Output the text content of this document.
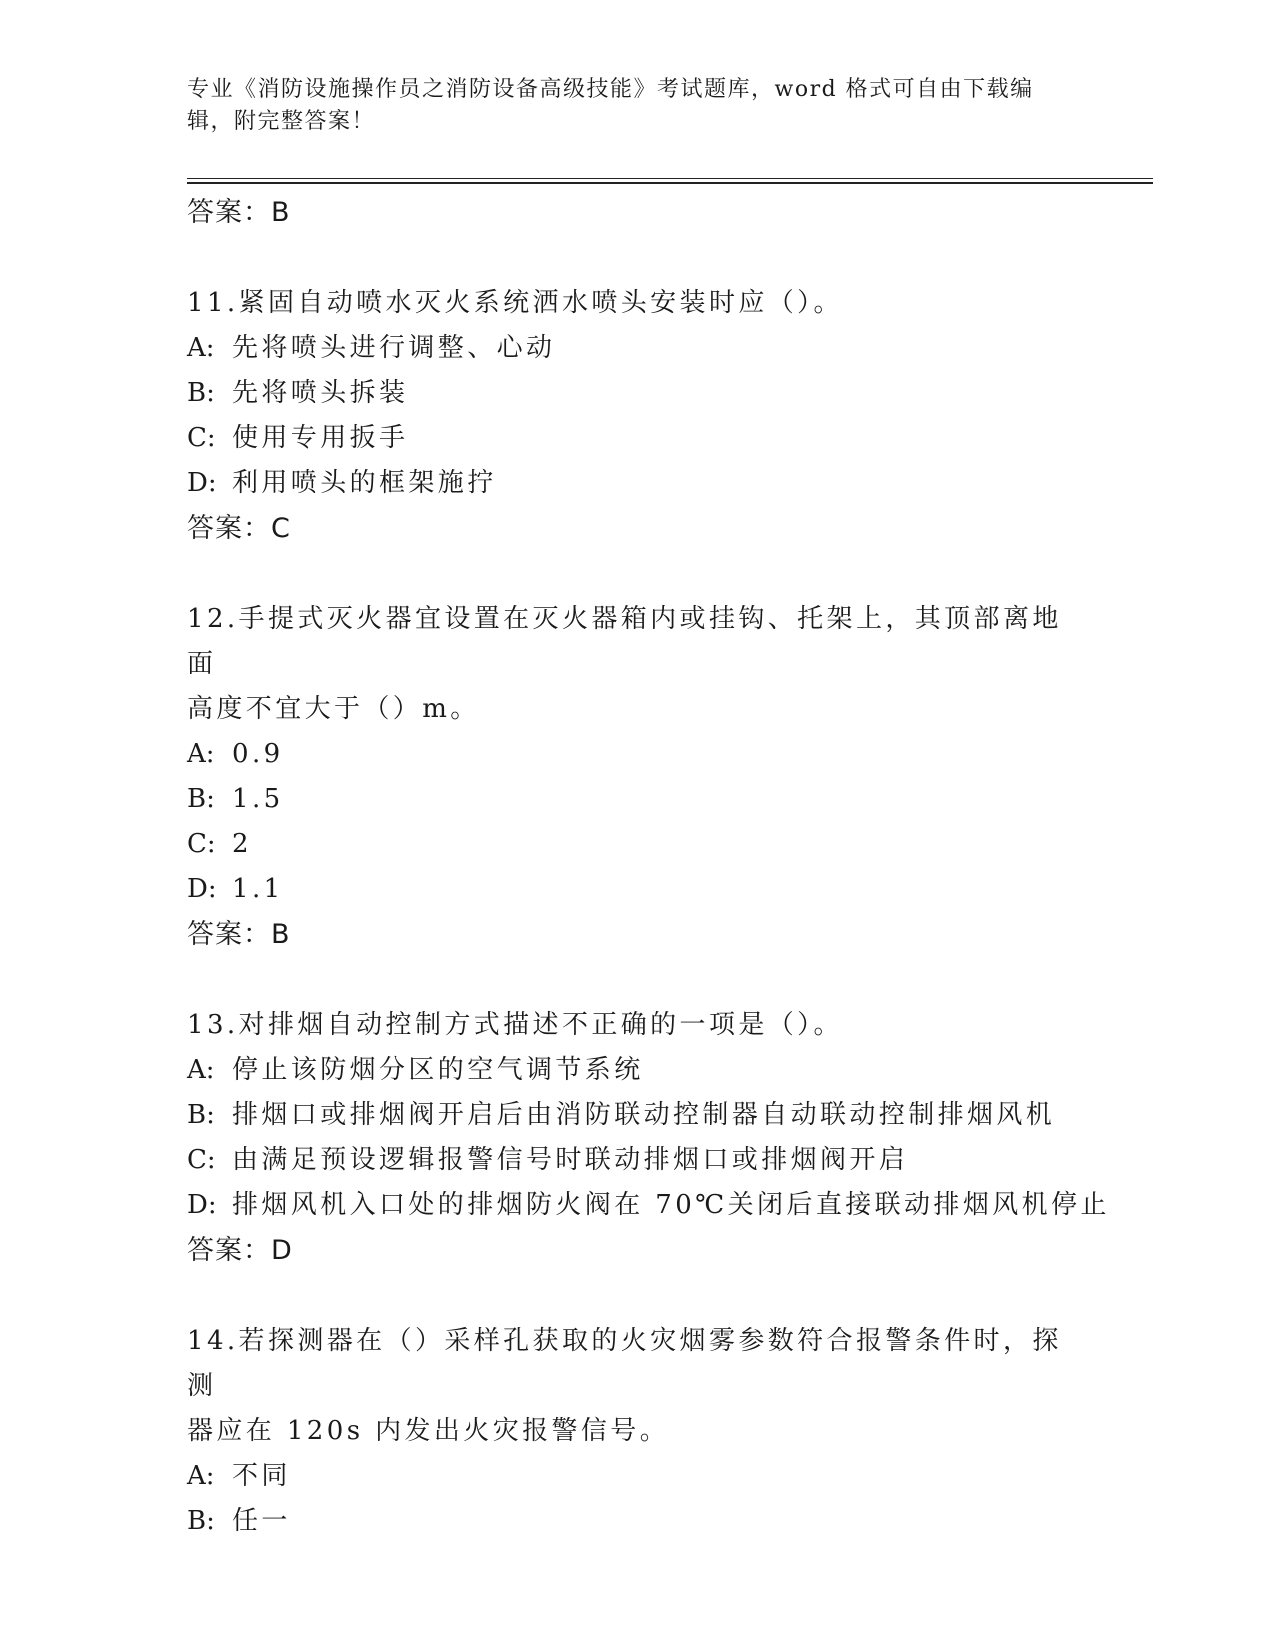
专业《消防设施操作员之消防设备高级技能》考试题库，word 格式可自由下载编辑，附完整答案！
答案：B
11.紧固自动喷水灭火系统洒水喷头安装时应（）。
A: 先将喷头进行调整、心动
B: 先将喷头拆装
C: 使用专用扳手
D: 利用喷头的框架施拧
答案：C
12.手提式灭火器宜设置在灭火器箱内或挂钩、托架上，其顶部离地面
高度不宜大于（）m。
A: 0.9
B: 1.5
C: 2
D: 1.1
答案：B
13.对排烟自动控制方式描述不正确的一项是（）。
A: 停止该防烟分区的空气调节系统
B: 排烟口或排烟阀开启后由消防联动控制器自动联动控制排烟风机
C: 由满足预设逻辑报警信号时联动排烟口或排烟阀开启
D: 排烟风机入口处的排烟防火阀在 70℃关闭后直接联动排烟风机停止
答案：D
14.若探测器在（）采样孔获取的火灾烟雾参数符合报警条件时，探测
器应在 120s 内发出火灾报警信号。
A: 不同
B: 任一
